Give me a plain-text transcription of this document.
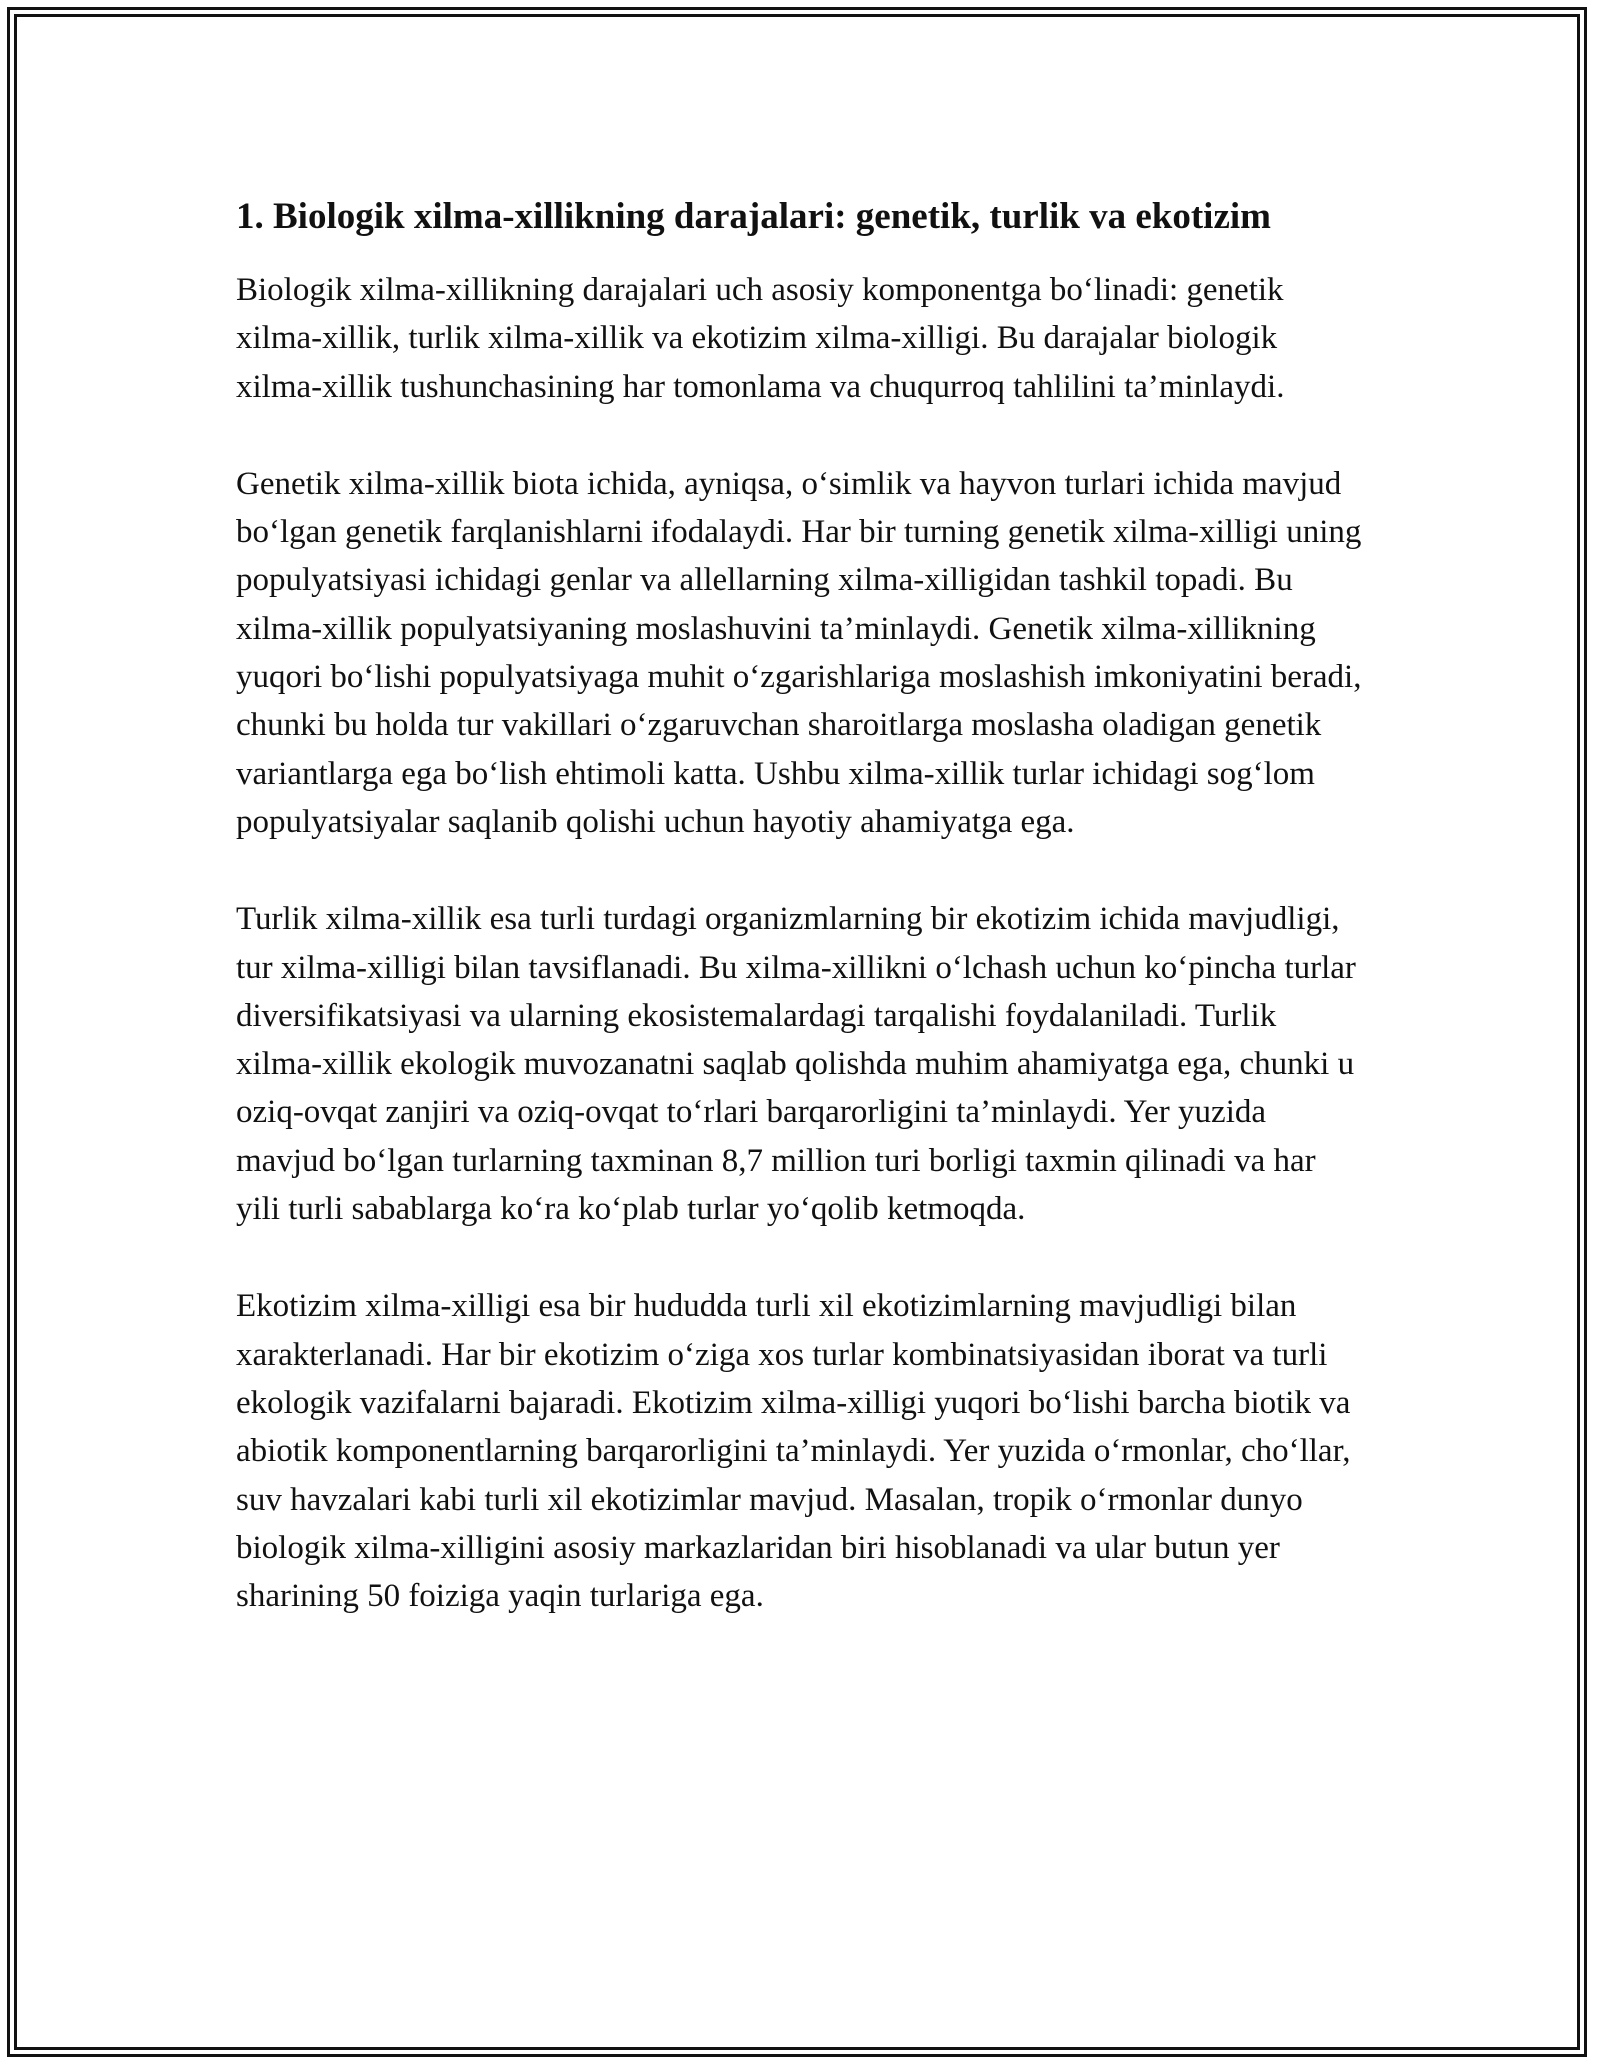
1. Biologik xilma-xillikning darajalari: genetik, turlik va ekotizim

Biologik xilma-xillikning darajalari uch asosiy komponentga bo‘linadi: genetik xilma-xillik, turlik xilma-xillik va ekotizim xilma-xilligi. Bu darajalar biologik xilma-xillik tushunchasining har tomonlama va chuqurroq tahlilini ta’minlaydi.

Genetik xilma-xillik biota ichida, ayniqsa, o‘simlik va hayvon turlari ichida mavjud bo‘lgan genetik farqlanishlarni ifodalaydi. Har bir turning genetik xilma-xilligi uning populyatsiyasi ichidagi genlar va allellarning xilma-xilligidan tashkil topadi. Bu xilma-xillik populyatsiyaning moslashuvini ta’minlaydi. Genetik xilma-xillikning yuqori bo‘lishi populyatsiyaga muhit o‘zgarishlariga moslashish imkoniyatini beradi, chunki bu holda tur vakillari o‘zgaruvchan sharoitlarga moslasha oladigan genetik variantlarga ega bo‘lish ehtimoli katta. Ushbu xilma-xillik turlar ichidagi sog‘lom populyatsiyalar saqlanib qolishi uchun hayotiy ahamiyatga ega.

Turlik xilma-xillik esa turli turdagi organizmlarning bir ekotizim ichida mavjudligi, tur xilma-xilligi bilan tavsiflanadi. Bu xilma-xillikni o‘lchash uchun ko‘pincha turlar diversifikatsiyasi va ularning ekosistemalardagi tarqalishi foydalaniladi. Turlik xilma-xillik ekologik muvozanatni saqlab qolishda muhim ahamiyatga ega, chunki u oziq-ovqat zanjiri va oziq-ovqat to‘rlari barqarorligini ta’minlaydi. Yer yuzida mavjud bo‘lgan turlarning taxminan 8,7 million turi borligi taxmin qilinadi va har yili turli sabablarga ko‘ra ko‘plab turlar yo‘qolib ketmoqda.

Ekotizim xilma-xilligi esa bir hududda turli xil ekotizimlarning mavjudligi bilan xarakterlanadi. Har bir ekotizim o‘ziga xos turlar kombinatsiyasidan iborat va turli ekologik vazifalarni bajaradi. Ekotizim xilma-xilligi yuqori bo‘lishi barcha biotik va abiotik komponentlarning barqarorligini ta’minlaydi. Yer yuzida o‘rmonlar, cho‘llar, suv havzalari kabi turli xil ekotizimlar mavjud. Masalan, tropik o‘rmonlar dunyo biologik xilma-xilligini asosiy markazlaridan biri hisoblanadi va ular butun yer sharining 50 foiziga yaqin turlariga ega.
